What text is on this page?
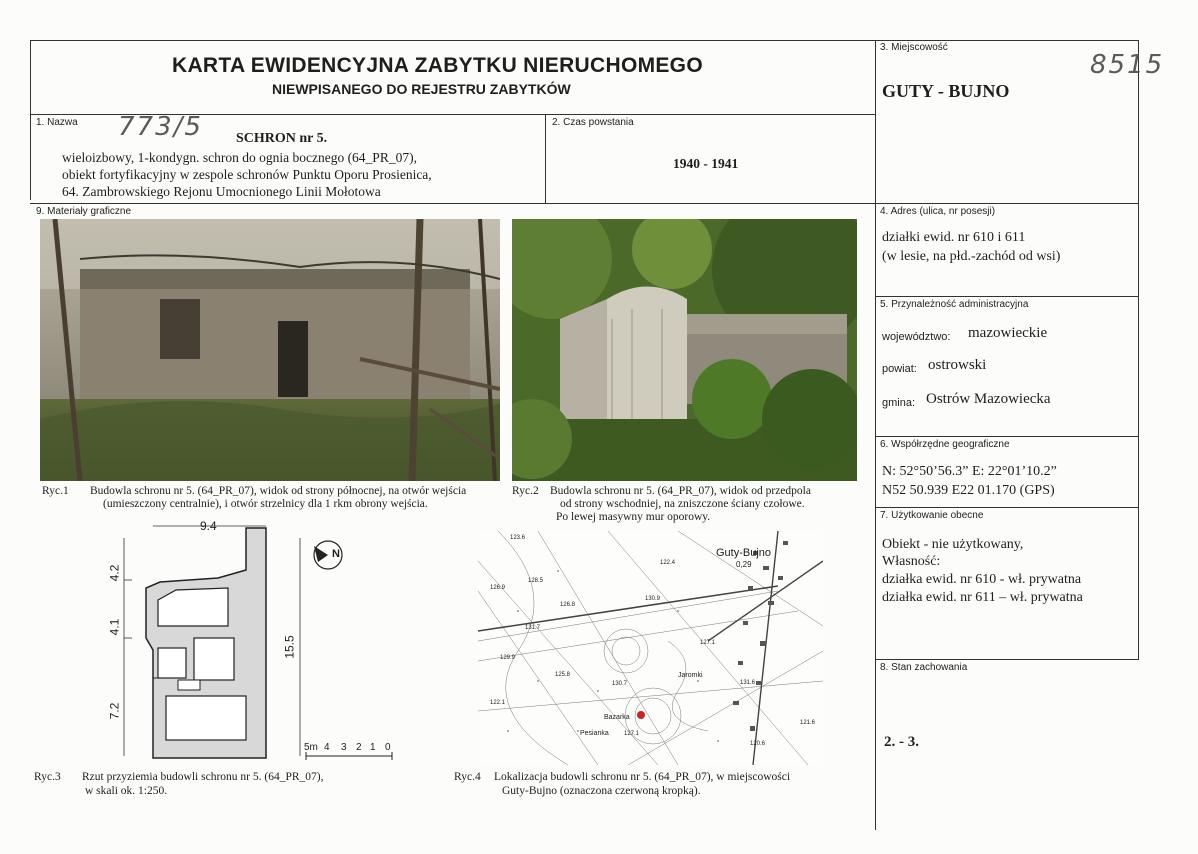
KARTA EWIDENCYJNA ZABYTKU NIERUCHOMEGO
NIEWPISANEGO DO REJESTRU ZABYTKÓW
3. Miejscowość
GUTY - BUJNO
8515
1. Nazwa 773/5 SCHRON nr 5.
wieloizbowy, 1-kondygn. schron do ognia bocznego (64_PR_07),
obiekt fortyfikacyjny w zespole schronów Punktu Oporu Prosienica,
64. Zambrowskiego Rejonu Umocnionego Linii Mołotowa
2. Czas powstania
1940 - 1941
9. Materiały graficzne	4. Adres (ulica, nr posesji)
działki ewid. nr 610 i 611
(w lesie, na płd.-zachód od wsi)
5. Przynależność administracyjna
województwo: mazowieckie
powiat: ostrowski
gmina: Ostrów Mazowiecka
6. Współrzędne geograficzne
N: 52°50’56.3” E: 22°01’10.2”
N52 50.939 E22 01.170 (GPS)
7. Użytkowanie obecne
Obiekt - nie użytkowany,
Własność:
działka ewid. nr 610 - wł. prywatna
działka ewid. nr 611 – wł. prywatna
8. Stan zachowania
2. - 3.
Ryc.1 Budowla schronu nr 5. (64_PR_07), widok od strony północnej, na otwór wejścia
(umieszczony centralnie), i otwór strzelnicy dla 1 rkm obrony wejścia.
Ryc.2 Budowla schronu nr 5. (64_PR_07), widok od przedpola
od strony wschodniej, na zniszczone ściany czołowe.
Po lewej masywny mur oporowy.
9.4
4.2
4.1
7.2
15.5
5m 4 3 2 1 0
N	Guty-Bujno
0,29
123.6
128.5
126.9
126.8
130.9
131.7
131.6
129.9
125.8
130.7
127.1
120.6
Bazarka
Pesianka
Jaromki
122.1
127.1
122.4
121.6
Ryc.3 Rzut przyziemia budowli schronu nr 5. (64_PR_07),
w skali ok. 1:250.
Ryc.4 Lokalizacja budowli schronu nr 5. (64_PR_07), w miejscowości
Guty-Bujno (oznaczona czerwoną kropką).
